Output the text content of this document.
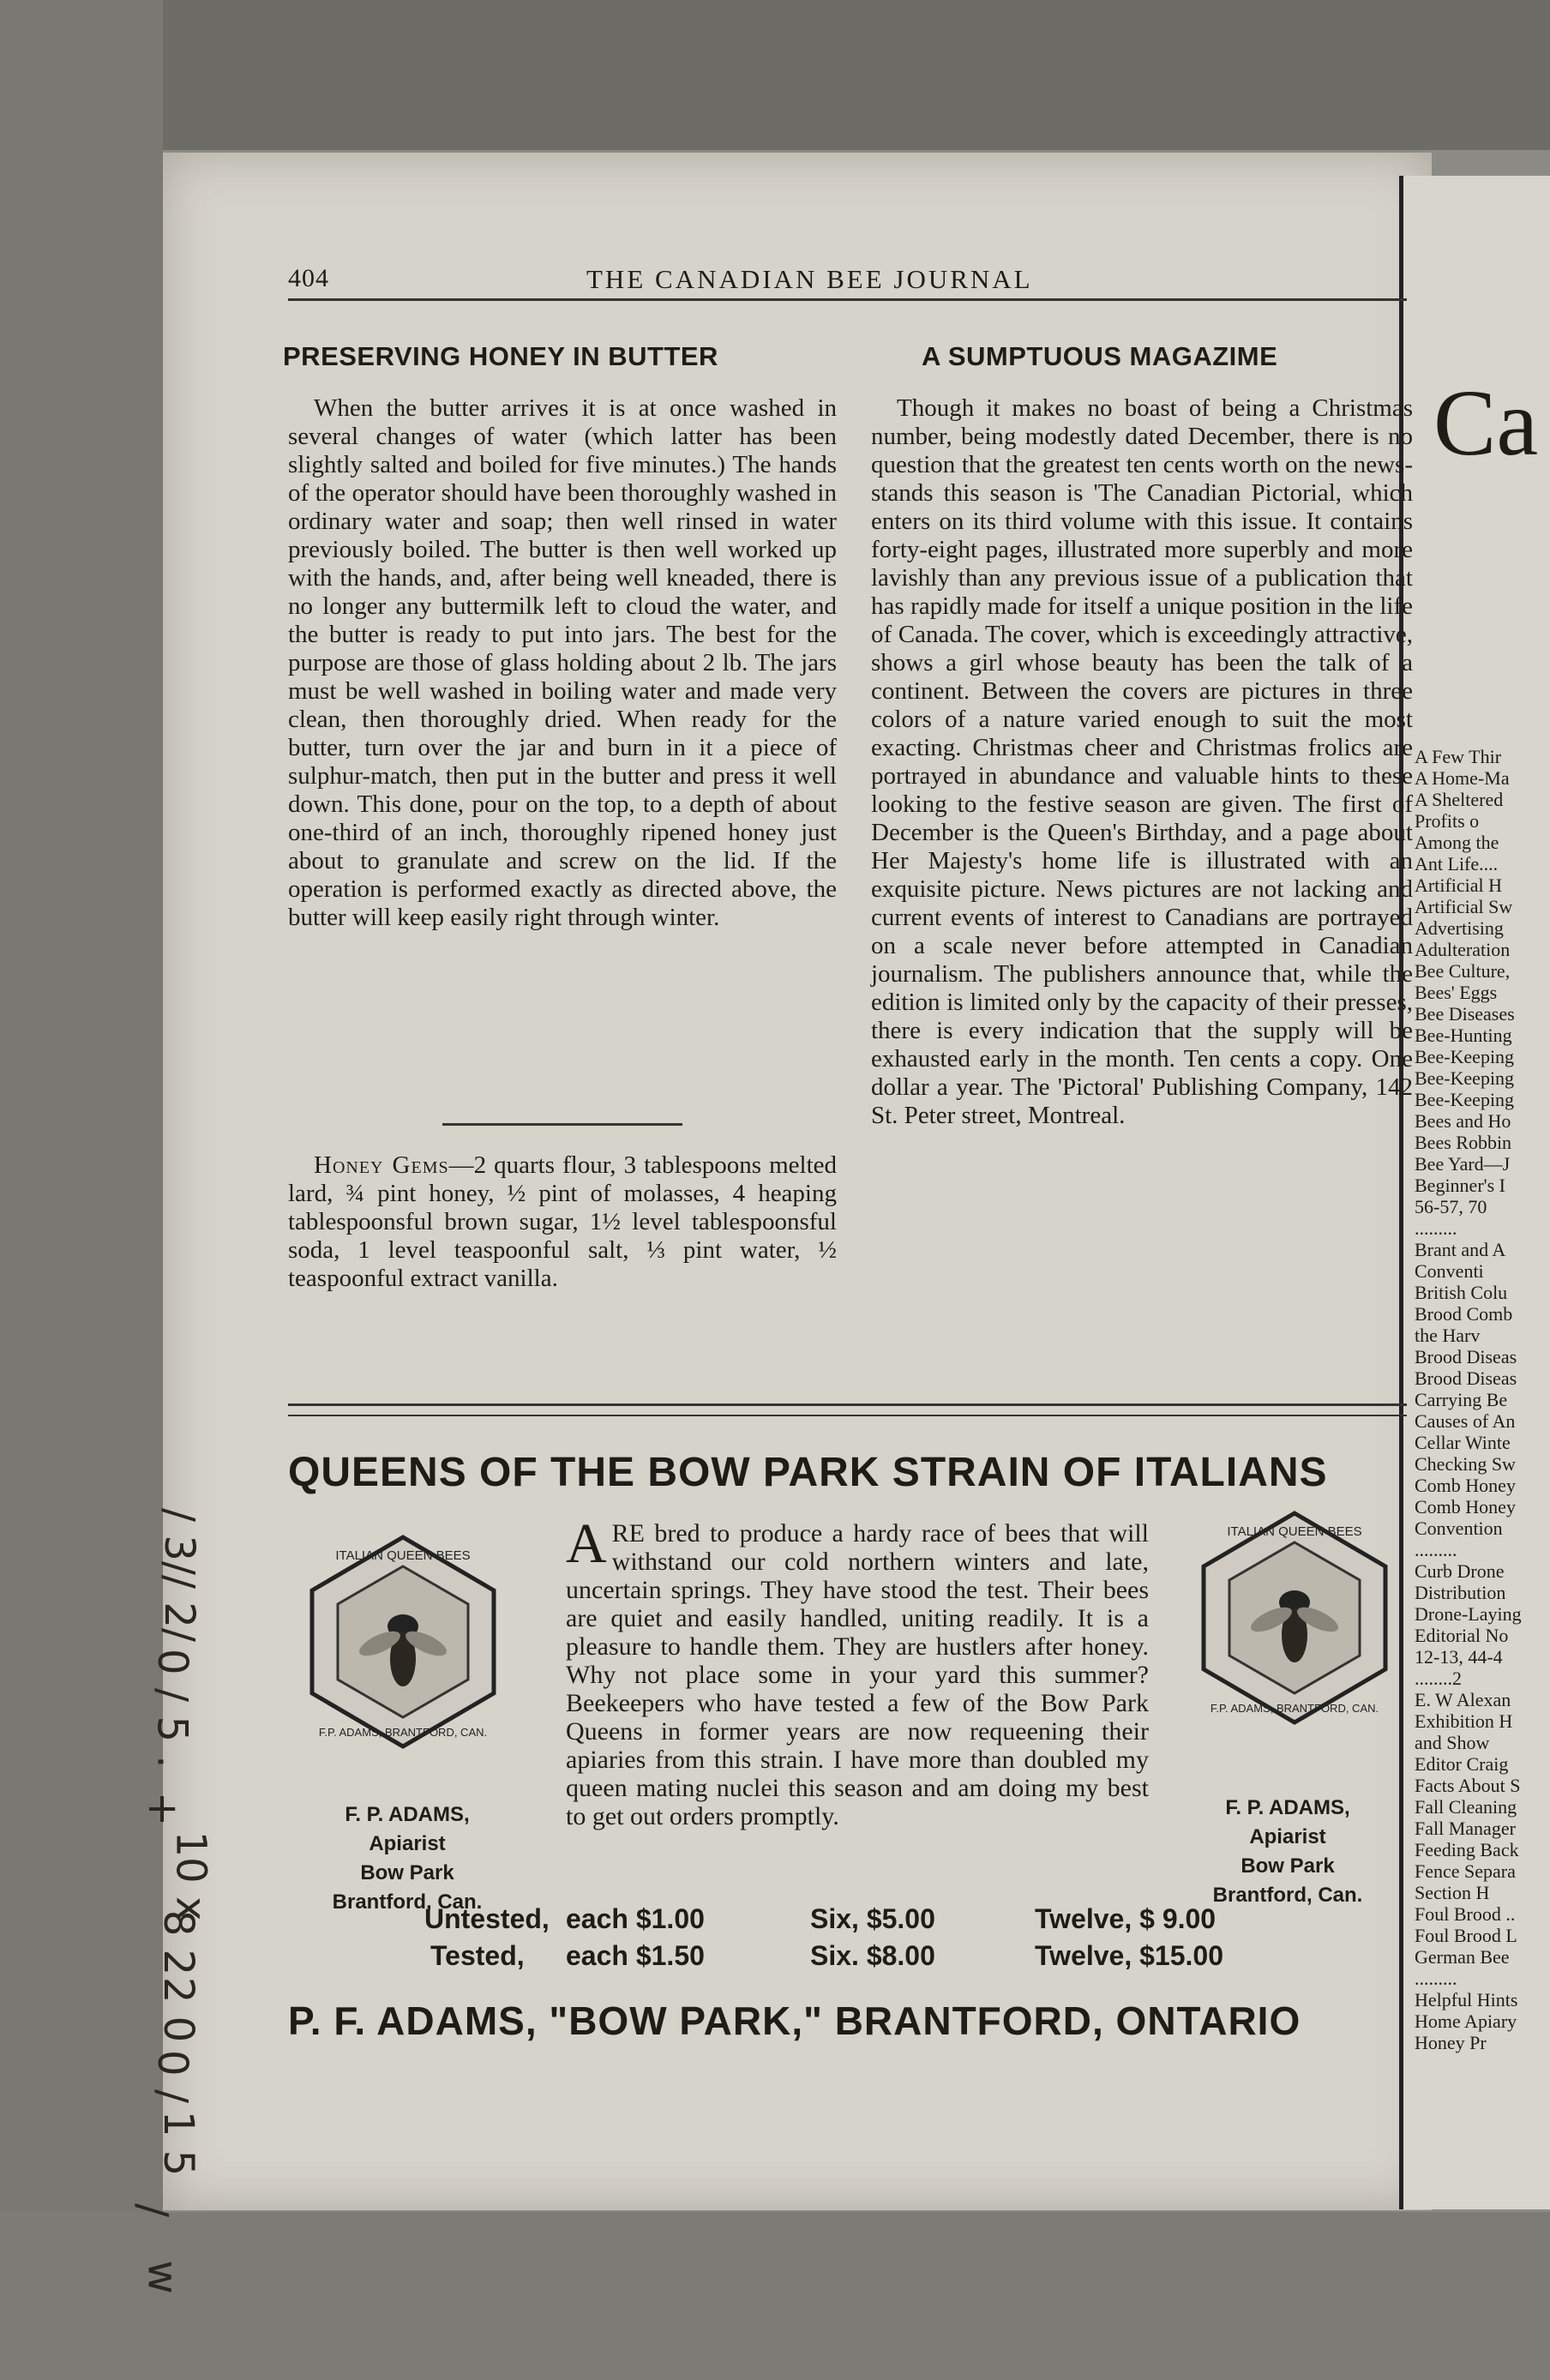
Ca
A Few Thir
A Home-Ma
A Sheltered
Profits o
Among the
Ant Life....
Artificial H
Artificial Sw
Advertising
Adulteration
Bee Culture,
Bees' Eggs
Bee Diseases
Bee-Hunting
Bee-Keeping
Bee-Keeping
Bee-Keeping
Bees and Ho
Bees Robbin
Bee Yard—J
Beginner's I
56-57, 70
.........
Brant and A
Conventi
British Colu
Brood Comb
the Harv
Brood Diseas
Brood Diseas
Carrying Be
Causes of An
Cellar Winte
Checking Sw
Comb Honey
Comb Honey
Convention
.........
Curb Drone
Distribution
Drone-Laying
Editorial No
12-13, 44-4
........2
E. W Alexan
Exhibition H
and Show
Editor Craig
Facts About S
Fall Cleaning
Fall Manager
Feeding Back
Fence Separa
Section H
Foul Brood ..
Foul Brood L
German Bee
.........
Helpful Hints
Home Apiary
Honey Pr
404	THE CANADIAN BEE JOURNAL
PRESERVING HONEY IN BUTTER

When the butter arrives it is at once washed in several changes of water (which latter has been slightly salted and boiled for five minutes.) The hands of the operator should have been thoroughly washed in ordinary water and soap; then well rinsed in water previously boiled. The butter is then well worked up with the hands, and, after being well kneaded, there is no longer any buttermilk left to cloud the water, and the butter is ready to put into jars. The best for the purpose are those of glass holding about 2 lb. The jars must be well washed in boiling water and made very clean, then thoroughly dried. When ready for the butter, turn over the jar and burn in it a piece of sulphur-match, then put in the butter and press it well down. This done, pour on the top, to a depth of about one-third of an inch, thoroughly ripened honey just about to granulate and screw on the lid. If the operation is performed exactly as directed above, the butter will keep easily right through winter.

Honey Gems—2 quarts flour, 3 tablespoons melted lard, ¾ pint honey, ½ pint of molasses, 4 heaping tablespoonsful brown sugar, 1½ level tablespoonsful soda, 1 level teaspoonful salt, ⅓ pint water, ½ teaspoonful extract vanilla.

A SUMPTUOUS MAGAZIME

Though it makes no boast of being a Christmas number, being modestly dated December, there is no question that the greatest ten cents worth on the news-stands this season is 'The Canadian Pictorial, which enters on its third volume with this issue. It contains forty-eight pages, illustrated more superbly and more lavishly than any previous issue of a publication that has rapidly made for itself a unique position in the life of Canada. The cover, which is exceedingly attractive, shows a girl whose beauty has been the talk of a continent. Between the covers are pictures in three colors of a nature varied enough to suit the most exacting. Christmas cheer and Christmas frolics are portrayed in abundance and valuable hints to these looking to the festive season are given. The first of December is the Queen's Birthday, and a page about Her Majesty's home life is illustrated with an exquisite picture. News pictures are not lacking and current events of interest to Canadians are portrayed on a scale never before attempted in Canadian journalism. The publishers announce that, while the edition is limited only by the capacity of their presses, there is every indication that the supply will be exhausted early in the month. Ten cents a copy. One dollar a year. The 'Pictoral' Publishing Company, 142 St. Peter street, Montreal.

QUEENS OF THE BOW PARK STRAIN OF ITALIANS
ITALIAN QUEEN BEES
F.P. ADAMS, BRANTFORD, CAN.
ARE bred to produce a hardy race of bees that will withstand our cold northern winters and late, uncertain springs. They have stood the test. Their bees are quiet and easily handled, uniting readily. It is a pleasure to handle them. They are hustlers after honey. Why not place some in your yard this summer? Beekeepers who have tested a few of the Bow Park Queens in former years are now requeening their apiaries from this strain. I have more than doubled my queen mating nuclei this season and am doing my best to get out orders promptly.
ITALIAN QUEEN BEES
F.P. ADAMS, BRANTFORD, CAN.
F. P. ADAMS,
Apiarist
Bow Park
Brantford, Can.
F. P. ADAMS,
Apiarist
Bow Park
Brantford, Can.
Untested, each $1.00	Six, $5.00	Twelve, $ 9.00
Tested, each $1.50	Six. $8.00	Twelve, $15.00
P. F. ADAMS, "BOW PARK," BRANTFORD, ONTARIO
/ 3/
/ 2/
0 /
5 .
+
10 x
8 2
2 0
0 /
1 5
/
w
